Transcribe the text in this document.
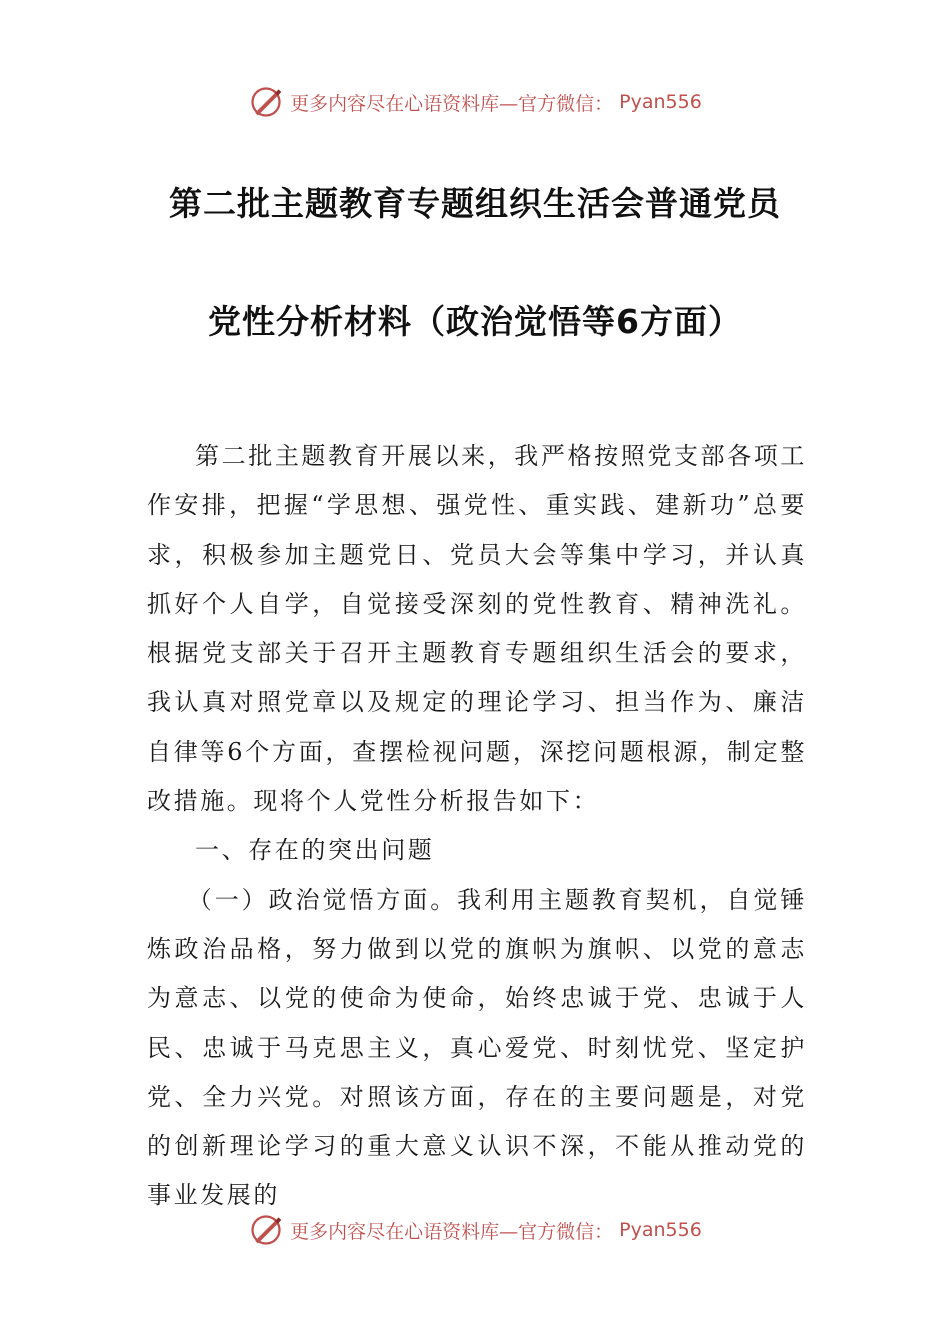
更多内容尽在心语资料库—官方微信： Pyan556
第二批主题教育专题组织生活会普通党员
党性分析材料（政治觉悟等6方面）

第二批主题教育开展以来，我严格按照党支部各项工作安排，把握“学思想、强党性、重实践、建新功”总要求，积极参加主题党日、党员大会等集中学习，并认真抓好个人自学，自觉接受深刻的党性教育、精神洗礼。根据党支部关于召开主题教育专题组织生活会的要求，我认真对照党章以及规定的理论学习、担当作为、廉洁自律等6个方面，查摆检视问题，深挖问题根源，制定整改措施。现将个人党性分析报告如下：

一、存在的突出问题

（一）政治觉悟方面。我利用主题教育契机，自觉锤炼政治品格，努力做到以党的旗帜为旗帜、以党的意志为意志、以党的使命为使命，始终忠诚于党、忠诚于人民、忠诚于马克思主义，真心爱党、时刻忧党、坚定护党、全力兴党。对照该方面，存在的主要问题是，对党的创新理论学习的重大意义认识不深，不能从推动党的事业发展的

更多内容尽在心语资料库—官方微信： Pyan556
